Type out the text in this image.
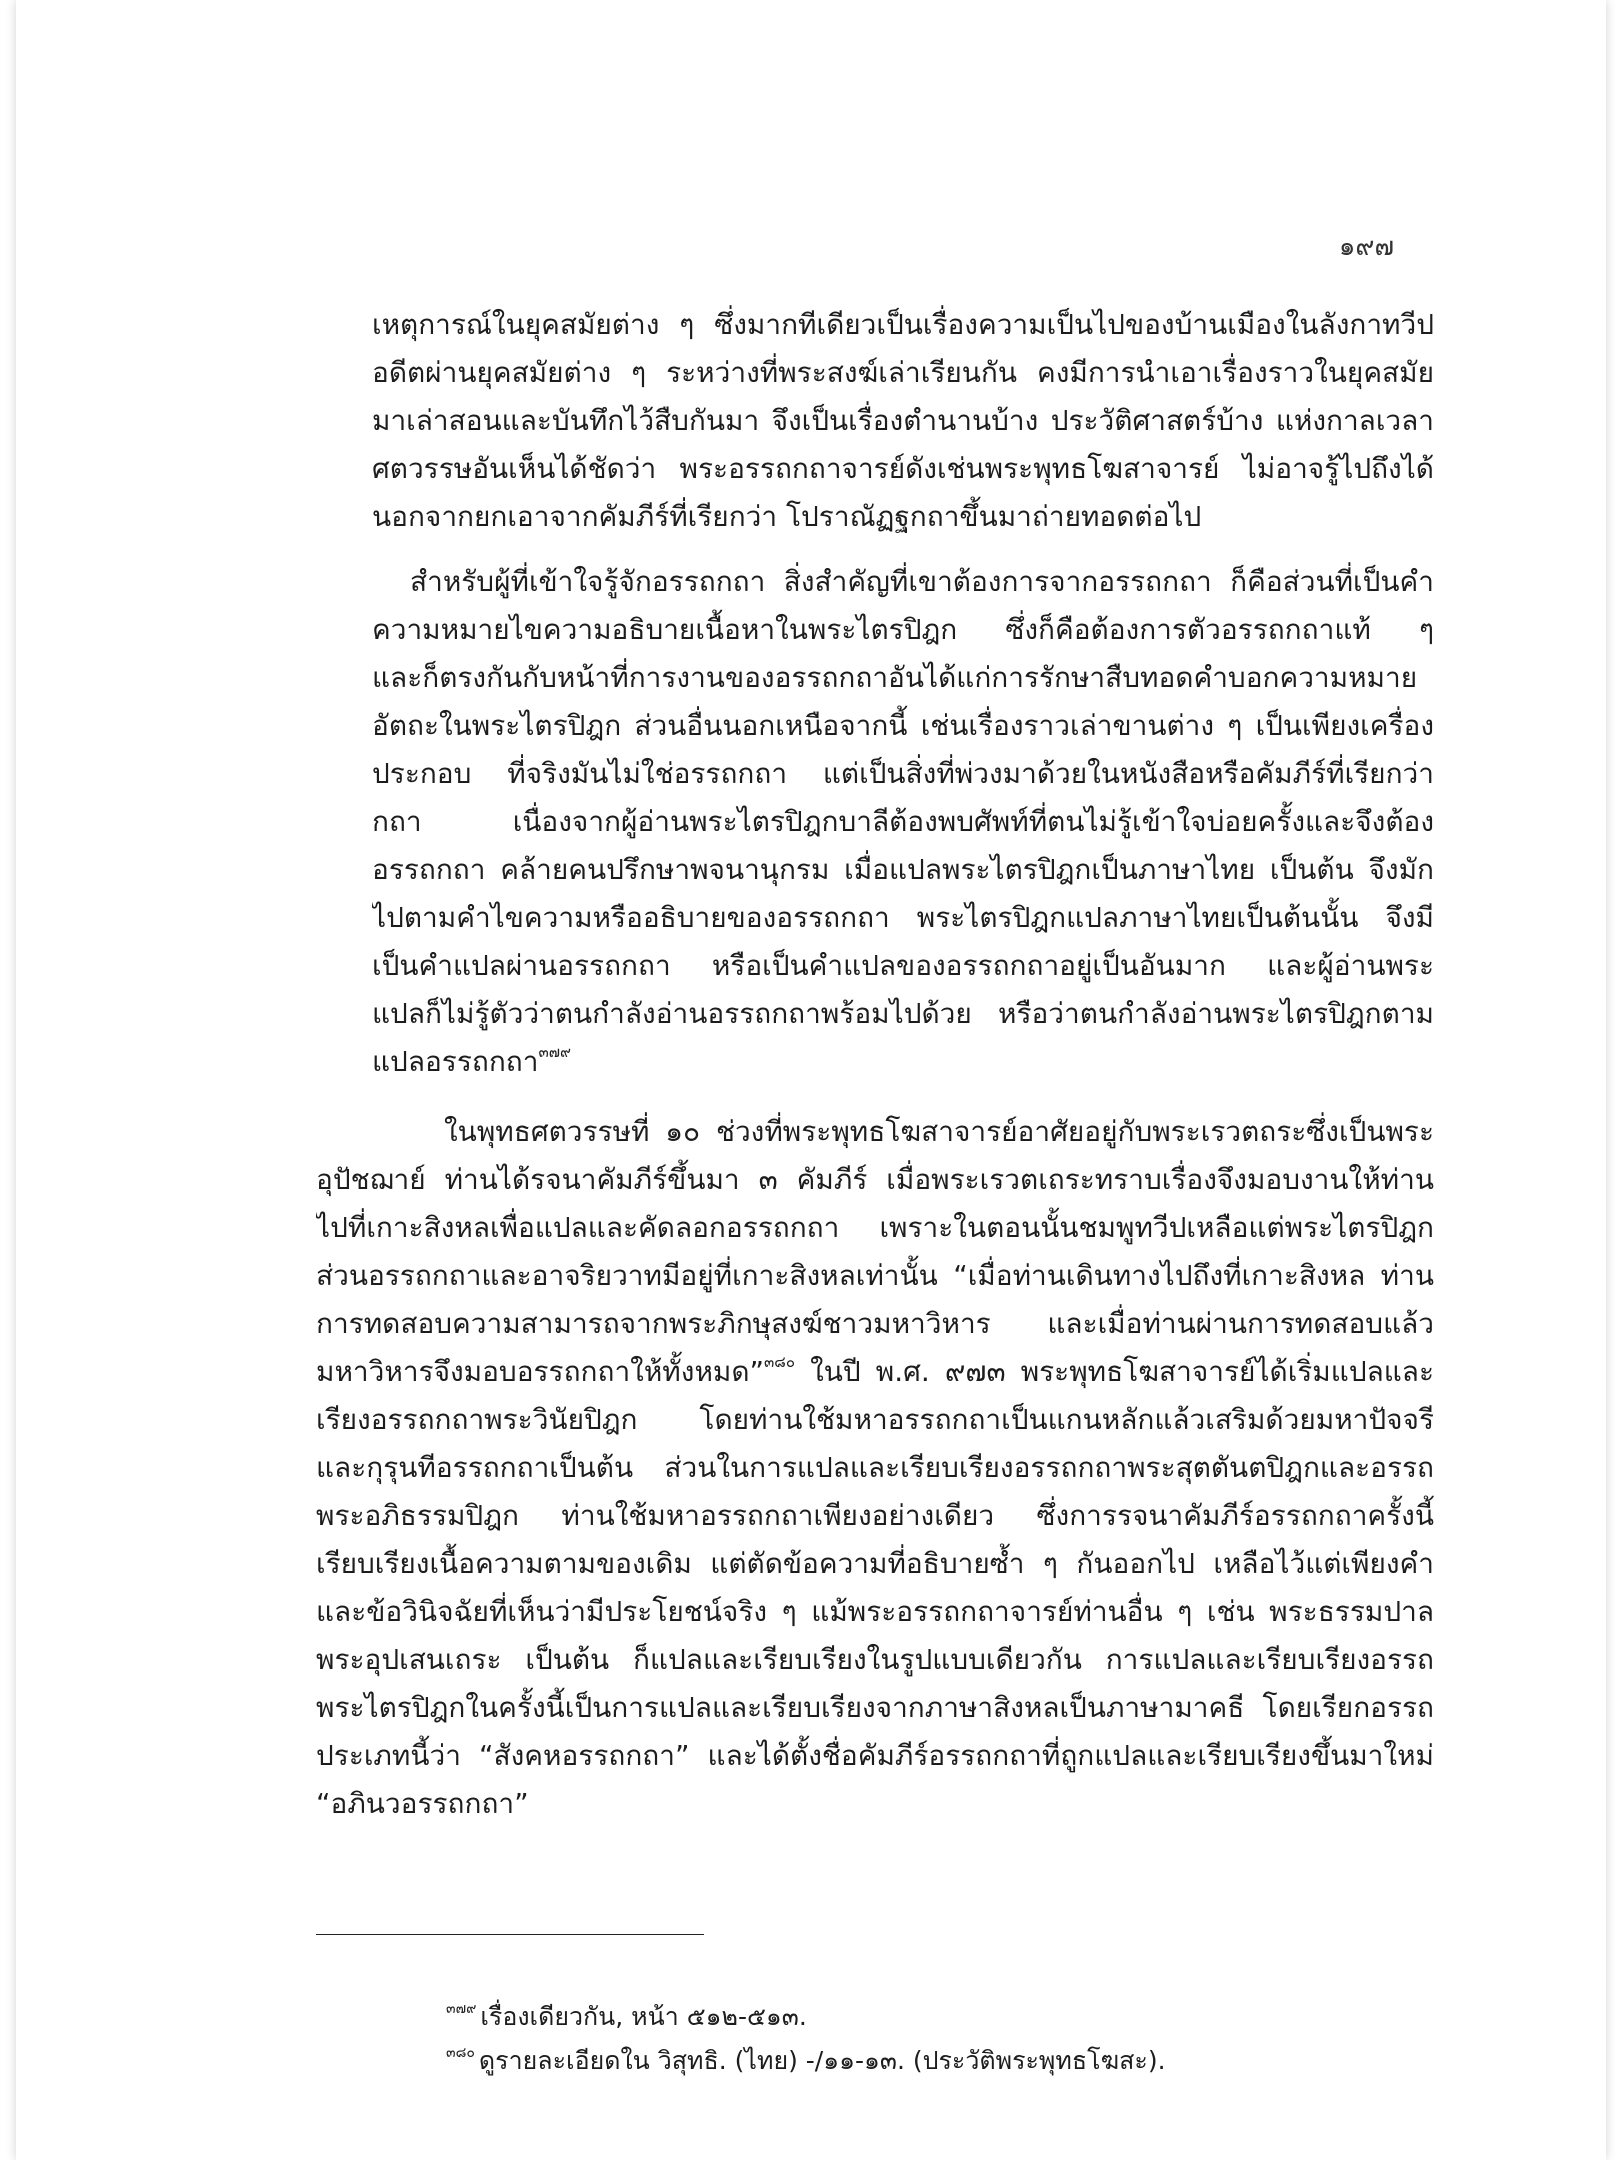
๑๙๗
เหตุการณ์ในยุคสมัยต่าง ๆ ซึ่งมากทีเดียวเป็นเรื่องความเป็นไปของบ้านเมืองในลังกาทวีป
อดีตผ่านยุคสมัยต่าง ๆ ระหว่างที่พระสงฆ์เล่าเรียนกัน คงมีการนำเอาเรื่องราวในยุคสมัย
มาเล่าสอนและบันทึกไว้สืบกันมา จึงเป็นเรื่องตำนานบ้าง ประวัติศาสตร์บ้าง แห่งกาลเวลา
ศตวรรษอันเห็นได้ชัดว่า พระอรรถกถาจารย์ดังเช่นพระพุทธโฆสาจารย์ ไม่อาจรู้ไปถึงได้
นอกจากยกเอาจากคัมภีร์ที่เรียกว่า โปราณัฏฐกถาขึ้นมาถ่ายทอดต่อไป
สำหรับผู้ที่เข้าใจรู้จักอรรถกถา สิ่งสำคัญที่เขาต้องการจากอรรถกถา ก็คือส่วนที่เป็นคำ
ความหมายไขความอธิบายเนื้อหาในพระไตรปิฎก ซึ่งก็คือต้องการตัวอรรถกถาแท้ ๆ
และก็ตรงกันกับหน้าที่การงานของอรรถกถาอันได้แก่การรักษาสืบทอดคำบอกความหมาย
อัตถะในพระไตรปิฎก ส่วนอื่นนอกเหนือจากนี้ เช่นเรื่องราวเล่าขานต่าง ๆ เป็นเพียงเครื่อง
ประกอบ ที่จริงมันไม่ใช่อรรถกถา แต่เป็นสิ่งที่พ่วงมาด้วยในหนังสือหรือคัมภีร์ที่เรียกว่า
กถา เนื่องจากผู้อ่านพระไตรปิฎกบาลีต้องพบศัพท์ที่ตนไม่รู้เข้าใจบ่อยครั้งและจึงต้อง
อรรถกถา คล้ายคนปรึกษาพจนานุกรม เมื่อแปลพระไตรปิฎกเป็นภาษาไทย เป็นต้น จึงมัก
ไปตามคำไขความหรืออธิบายของอรรถกถา พระไตรปิฎกแปลภาษาไทยเป็นต้นนั้น จึงมี
เป็นคำแปลผ่านอรรถกถา หรือเป็นคำแปลของอรรถกถาอยู่เป็นอันมาก และผู้อ่านพระ
แปลก็ไม่รู้ตัวว่าตนกำลังอ่านอรรถกถาพร้อมไปด้วย หรือว่าตนกำลังอ่านพระไตรปิฎกตาม
แปลอรรถกถา$^{๓๗๙}$
ในพุทธศตวรรษที่ ๑๐ ช่วงที่พระพุทธโฆสาจารย์อาศัยอยู่กับพระเรวตถระซึ่งเป็นพระ
อุปัชฌาย์ ท่านได้รจนาคัมภีร์ขึ้นมา ๓ คัมภีร์ เมื่อพระเรวตเถระทราบเรื่องจึงมอบงานให้ท่าน
ไปที่เกาะสิงหลเพื่อแปลและคัดลอกอรรถกถา เพราะในตอนนั้นชมพูทวีปเหลือแต่พระไตรปิฎก
ส่วนอรรถกถาและอาจริยวาทมีอยู่ที่เกาะสิงหลเท่านั้น “เมื่อท่านเดินทางไปถึงที่เกาะสิงหล ท่าน
การทดสอบความสามารถจากพระภิกษุสงฆ์ชาวมหาวิหาร และเมื่อท่านผ่านการทดสอบแล้ว
มหาวิหารจึงมอบอรรถกถาให้ทั้งหมด”$^{๓๘๐}$ ในปี พ.ศ. ๙๗๓ พระพุทธโฆสาจารย์ได้เริ่มแปลและ
เรียงอรรถกถาพระวินัยปิฎก โดยท่านใช้มหาอรรถกถาเป็นแกนหลักแล้วเสริมด้วยมหาปัจจรี
และกุรุนทีอรรถกถาเป็นต้น ส่วนในการแปลและเรียบเรียงอรรถกถาพระสุตตันตปิฎกและอรรถ
พระอภิธรรมปิฎก ท่านใช้มหาอรรถกถาเพียงอย่างเดียว ซึ่งการรจนาคัมภีร์อรรถกถาครั้งนี้
เรียบเรียงเนื้อความตามของเดิม แต่ตัดข้อความที่อธิบายซ้ำ ๆ กันออกไป เหลือไว้แต่เพียงคำ
และข้อวินิจฉัยที่เห็นว่ามีประโยชน์จริง ๆ แม้พระอรรถกถาจารย์ท่านอื่น ๆ เช่น พระธรรมปาล
พระอุปเสนเถระ เป็นต้น ก็แปลและเรียบเรียงในรูปแบบเดียวกัน การแปลและเรียบเรียงอรรถ
พระไตรปิฎกในครั้งนี้เป็นการแปลและเรียบเรียงจากภาษาสิงหลเป็นภาษามาคธี โดยเรียกอรรถ
ประเภทนี้ว่า “สังคหอรรถกถา” และได้ตั้งชื่อคัมภีร์อรรถกถาที่ถูกแปลและเรียบเรียงขึ้นมาใหม่
“อภินวอรรถกถา”
$^{๓๗๙}$ เรื่องเดียวกัน, หน้า ๕๑๒-๕๑๓.
$^{๓๘๐}$ ดูรายละเอียดใน วิสุทธิ. (ไทย) -/๑๑-๑๓. (ประวัติพระพุทธโฆสะ).
